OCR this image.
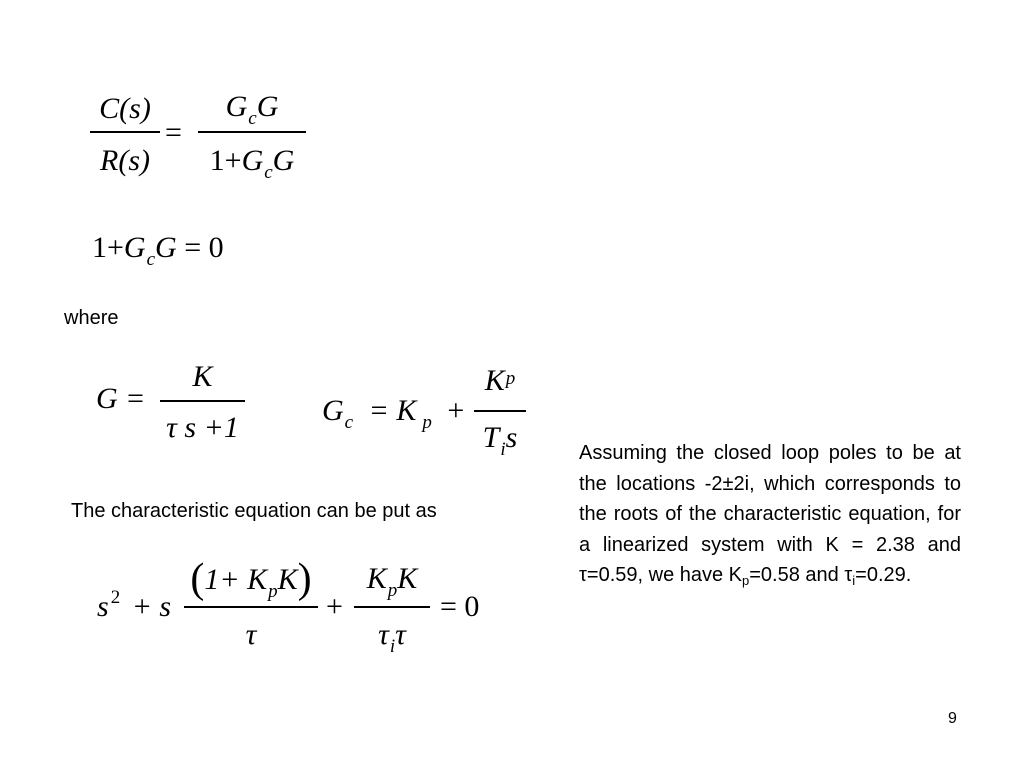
C(s)
R(s)
=
$G_cG$
$1+G_cG$
$1+G_cG = 0$
where
G =
K
τ s +1
$G_c = K$ $_p$ +
$K^p$
$T_is$
The characteristic equation can be put as
s $^2$ + s
$(1+ K_pK)$
τ
+
$K_pK$
$\tau_i\tau$
= 0
Assuming the closed loop poles to be at the locations -2±2i, which corresponds to the roots of the characteristic equation, for a linearized system with K = 2.38 and τ=0.59, we have $K_p=0.58$ and $\tau_i=0.29$.
9
